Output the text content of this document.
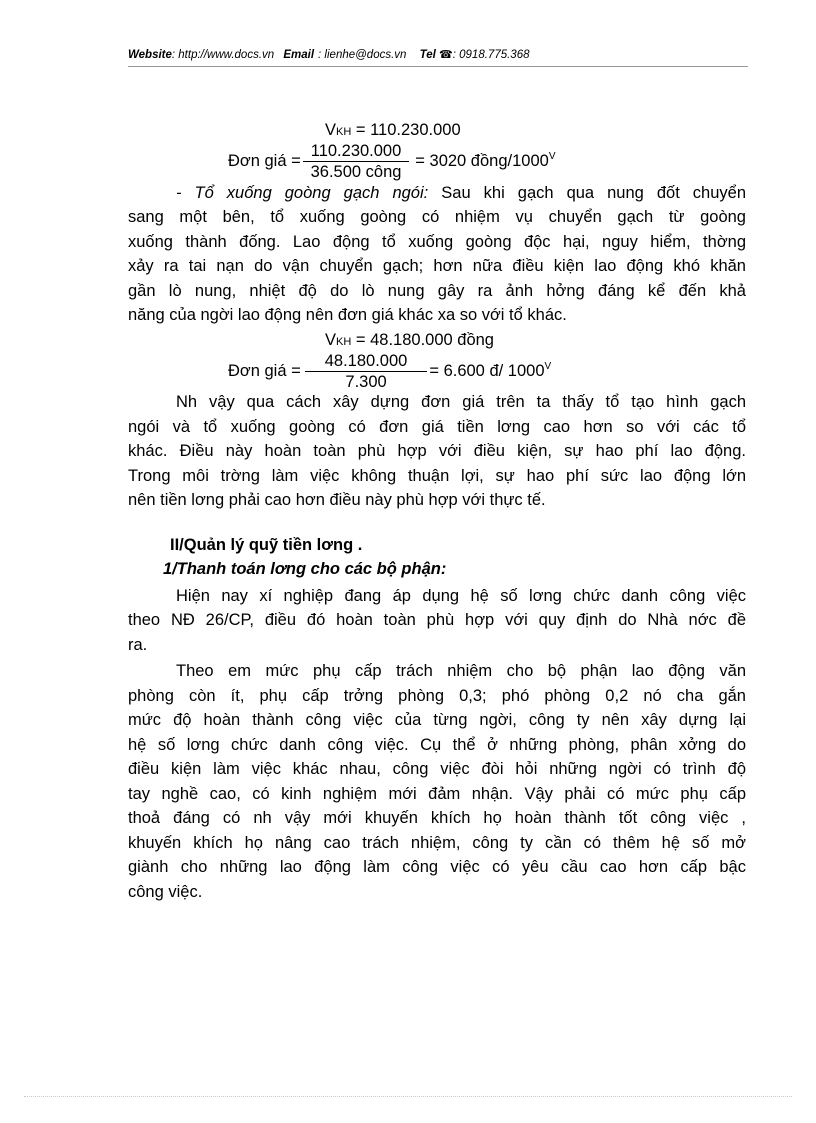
Website: http://www.docs.vn Email : lienhe@docs.vn Tel ☎: 0918.775.368
VKH = 110.230.000
Đơn giá = $\frac{110.230.000}{\text{36.500 công}} = 3020$ đồng/$1000^V$
- Tổ xuống goòng gạch ngói: Sau khi gạch qua nung đốt chuyển
sang một bên, tổ xuống goòng có nhiệm vụ chuyển gạch từ goòng
xuống thành đống. Lao động tổ xuống goòng độc hại, nguy hiểm, thờng
xảy ra tai nạn do vận chuyển gạch; hơn nữa điều kiện lao động khó khăn
gần lò nung, nhiệt độ do lò nung gây ra ảnh hởng đáng kể đến khả
năng của ngời lao động nên đơn giá khác xa so với tổ khác.
VKH = 48.180.000 đồng
Đơn giá = $\frac{48.180.000}{7.300} = 6.600$ đ/ $1000^V$
Nh vậy qua cách xây dựng đơn giá trên ta thấy tổ tạo hình gạch
ngói và tổ xuống goòng có đơn giá tiền lơng cao hơn so với các tổ
khác. Điều này hoàn toàn phù hợp với điều kiện, sự hao phí lao động.
Trong môi trờng làm việc không thuận lợi, sự hao phí sức lao động lớn
nên tiền lơng phải cao hơn điều này phù hợp với thực tế.
II/Quản lý quỹ tiền lơng .
1/Thanh toán lơng cho các bộ phận:
Hiện nay xí nghiệp đang áp dụng hệ số lơng chức danh công việc
theo NĐ 26/CP, điều đó hoàn toàn phù hợp với quy định do Nhà nớc đề
ra.
Theo em mức phụ cấp trách nhiệm cho bộ phận lao động văn
phòng còn ít, phụ cấp trởng phòng 0,3; phó phòng 0,2 nó cha gắn
mức độ hoàn thành công việc của từng ngời, công ty nên xây dựng lại
hệ số lơng chức danh công việc. Cụ thể ở những phòng, phân xởng do
điều kiện làm việc khác nhau, công việc đòi hỏi những ngời có trình độ
tay nghề cao, có kinh nghiệm mới đảm nhận. Vậy phải có mức phụ cấp
thoả đáng có nh vậy mới khuyến khích họ hoàn thành tốt công việc ,
khuyến khích họ nâng cao trách nhiệm, công ty cần có thêm hệ số mở
giành cho những lao động làm công việc có yêu cầu cao hơn cấp bậc
công việc.
